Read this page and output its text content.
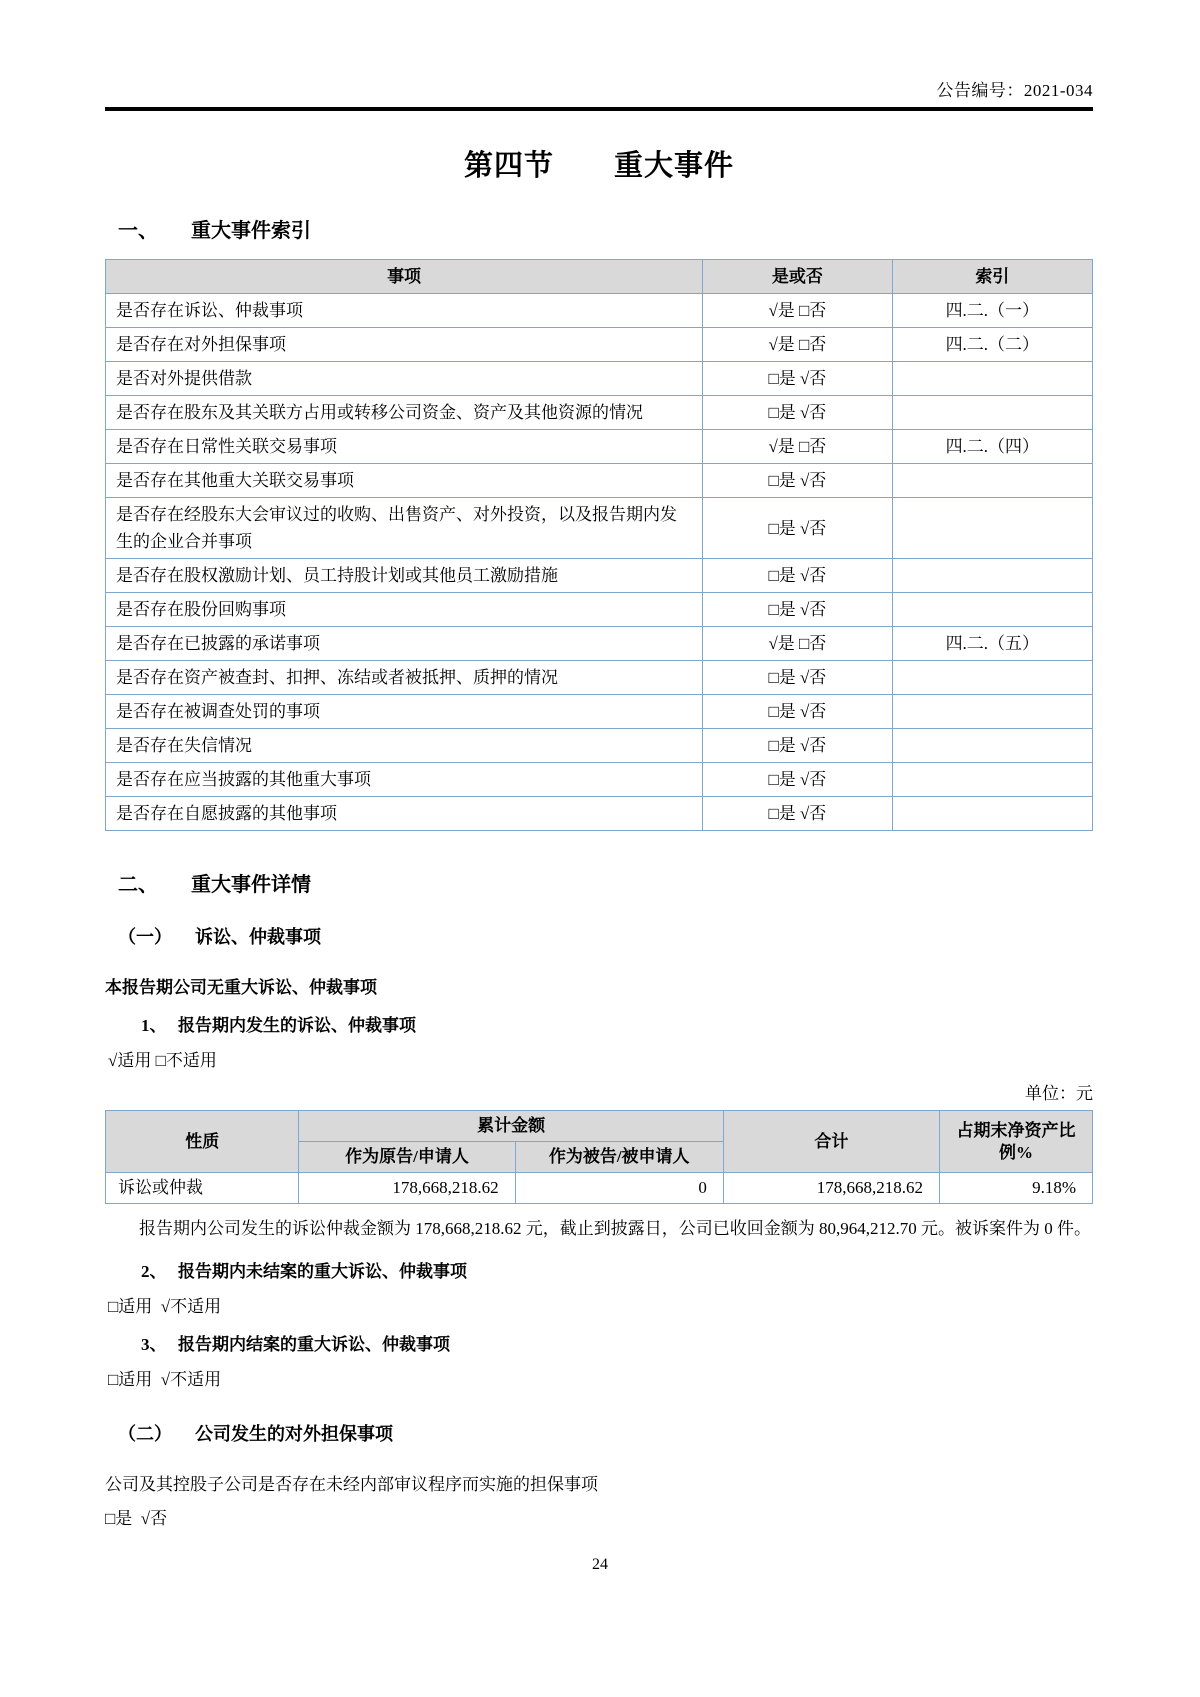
公告编号：2021-034
第四节　　重大事件
一、	重大事件索引
事项	是或否	索引
是否存在诉讼、仲裁事项	√是 □否	四.二.（一）
是否存在对外担保事项	√是 □否	四.二.（二）
是否对外提供借款	□是 √否	
是否存在股东及其关联方占用或转移公司资金、资产及其他资源的情况	□是 √否	
是否存在日常性关联交易事项	√是 □否	四.二.（四）
是否存在其他重大关联交易事项	□是 √否	
是否存在经股东大会审议过的收购、出售资产、对外投资，以及报告期内发生的企业合并事项	□是 √否	
是否存在股权激励计划、员工持股计划或其他员工激励措施	□是 √否	
是否存在股份回购事项	□是 √否	
是否存在已披露的承诺事项	√是 □否	四.二.（五）
是否存在资产被查封、扣押、冻结或者被抵押、质押的情况	□是 √否	
是否存在被调查处罚的事项	□是 √否	
是否存在失信情况	□是 √否	
是否存在应当披露的其他重大事项	□是 √否	
是否存在自愿披露的其他事项	□是 √否	
二、	重大事件详情
（一）	诉讼、仲裁事项
本报告期公司无重大诉讼、仲裁事项
1、 报告期内发生的诉讼、仲裁事项
√适用 □不适用
单位：元
性质	累计金额		合计	占期末净资产比例%
	作为原告/申请人	作为被告/被申请人		
诉讼或仲裁	178,668,218.62	0	178,668,218.62	9.18%
报告期内公司发生的诉讼仲裁金额为 178,668,218.62 元，截止到披露日，公司已收回金额为 80,964,212.70 元。被诉案件为 0 件。
2、 报告期内未结案的重大诉讼、仲裁事项
□适用  √不适用
3、 报告期内结案的重大诉讼、仲裁事项
□适用  √不适用
（二）	公司发生的对外担保事项
公司及其控股子公司是否存在未经内部审议程序而实施的担保事项
□是  √否
24
